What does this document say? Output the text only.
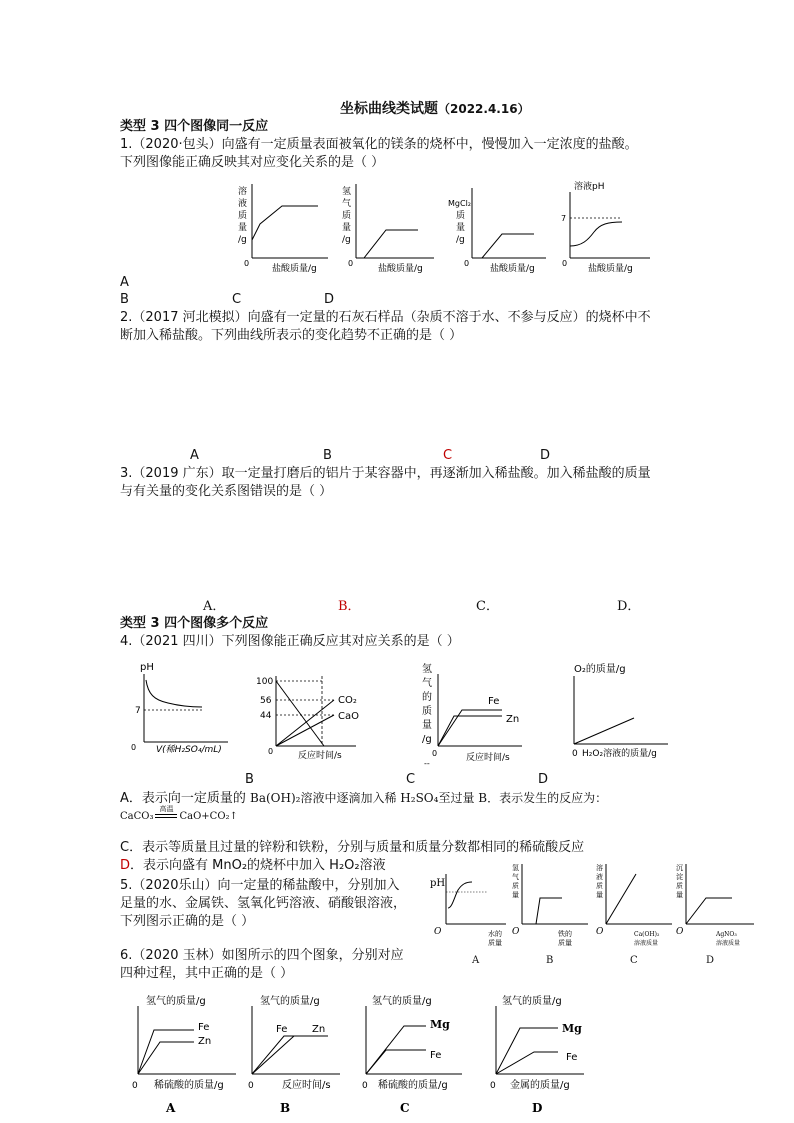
坐标曲线类试题（2022.4.16）
类型 3 四个图像同一反应
1.（2020·包头）向盛有一定质量表面被氧化的镁条的烧杯中，慢慢加入一定浓度的盐酸。
下列图像能正确反映其对应变化关系的是（ ）
溶
液
质
量
/g
0
盐酸质量/g
氢
气
质
量
/g
0
盐酸质量/g
MgCl₂
质
量
/g
0
盐酸质量/g
溶液pH
7
0
盐酸质量/g
A
B	C	D
2.（2017 河北模拟）向盛有一定量的石灰石样品（杂质不溶于水、不参与反应）的烧杯中不
断加入稀盐酸。下列曲线所表示的变化趋势不正确的是（ ）
A	B	C	D
3.（2019 广东）取一定量打磨后的铝片于某容器中，再逐渐加入稀盐酸。加入稀盐酸的质量
与有关量的变化关系图错误的是（ ）
A．	B．	C．	D．
类型 3 四个图像多个反应
4.（2021 四川）下列图像能正确反应其对应关系的是（ ）
pH
7
0 V(稀H₂SO₄/mL)
100
56
44
CO₂
CaO
0	反应时间/s
氢
气
的
质
量
/g
Fe
Zn
0	反应时间/s
--
O₂的质量/g
0 H₂O₂溶液的质量/g
B	C	D
A．表示向一定质量的 Ba(OH)₂溶液中逐滴加入稀 H₂SO₄至过量 B．表示发生的反应为：
CaCO₃
高温
CaO+CO₂↑
C．表示等质量且过量的锌粉和铁粉，分别与质量和质量分数都相同的稀硫酸反应
D．表示向盛有 MnO₂的烧杯中加入 H₂O₂溶液
5.（2020乐山）向一定量的稀盐酸中，分别加入
足量的水、金属铁、氢氧化钙溶液、硝酸银溶液，
下列图示正确的是（ ）
pH
O	水的
质量
氢
气
质
量
O	铁的
质量
溶
液
质
量
O	Ca(OH)₂
溶液质量
沉
淀
质
量
O	AgNO₃
溶液质量
A	B	C	D
6.（2020 玉林）如图所示的四个图象，分别对应
四种过程，其中正确的是（ ）
氢气的质量/g
Fe
Zn
0 稀硫酸的质量/g
A
氢气的质量/g
Fe Zn
0	反应时间/s
B
氢气的质量/g
Mg
Fe
0 稀硫酸的质量/g
C
氢气的质量/g
Mg
Fe
0 金属的质量/g
D
